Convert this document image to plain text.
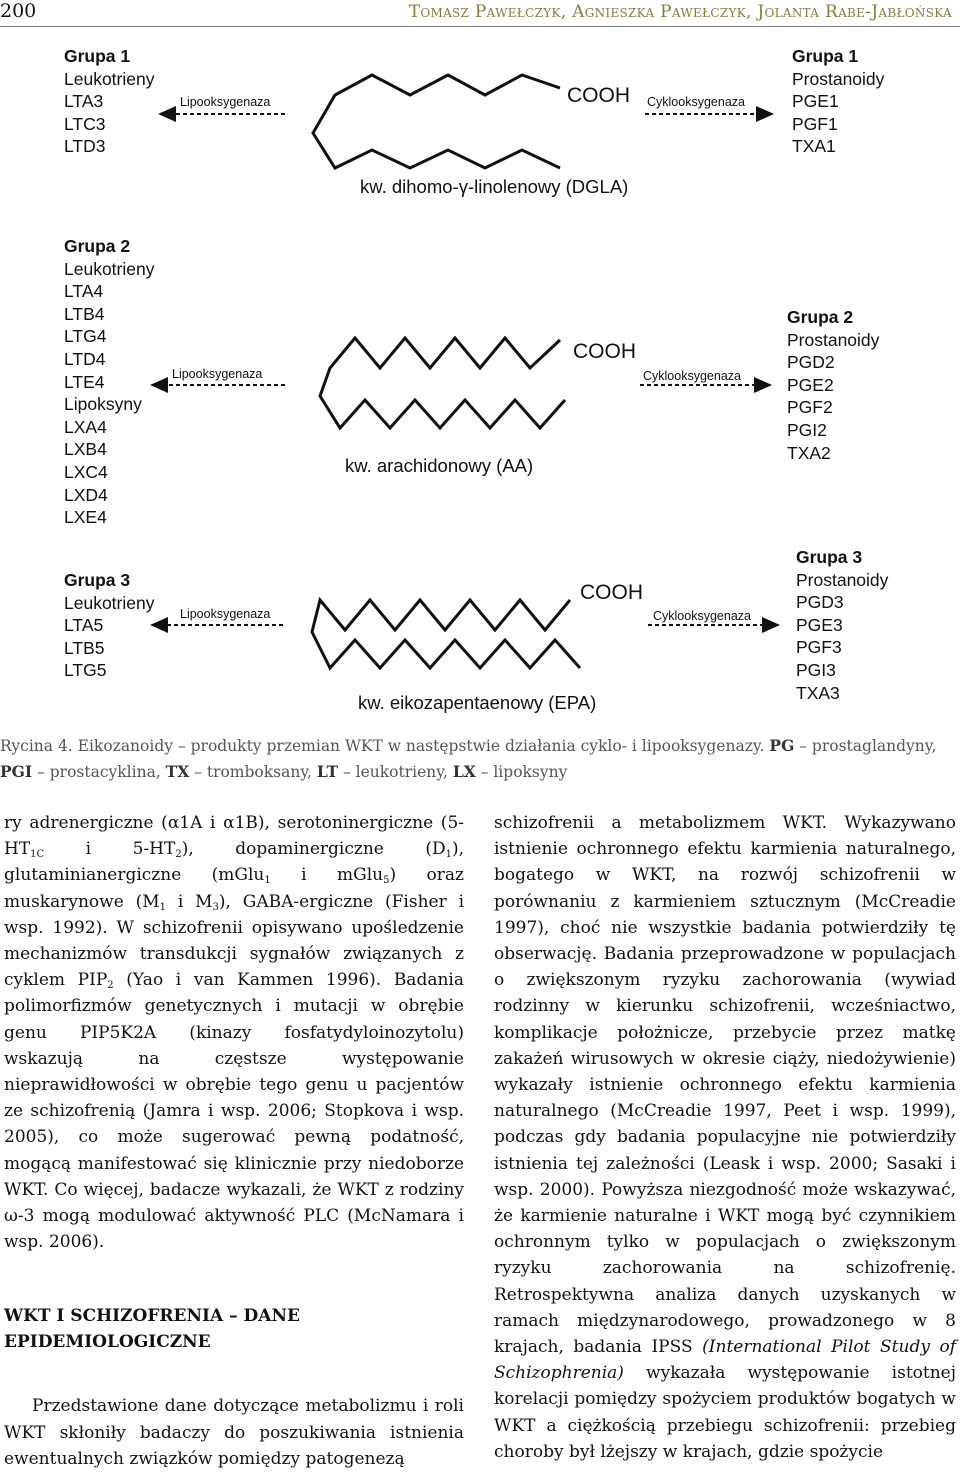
200	Tomasz Pawełczyk, Agnieszka Pawełczyk, Jolanta Rabe-Jabłońska
Grupa 1
Leukotrieny
LTA3
LTC3
LTD3
Grupa 1
Prostanoidy
PGE1
PGF1
TXA1
Lipooksygenaza	Cyklooksygenaza
COOH
kw. dihomo-γ-linolenowy (DGLA)
Grupa 2
Leukotrieny
LTA4
LTB4
LTG4
LTD4
LTE4
Lipoksyny
LXA4
LXB4
LXC4
LXD4
LXE4
Grupa 2
Prostanoidy
PGD2
PGE2
PGF2
PGI2
TXA2
Lipooksygenaza	Cyklooksygenaza
COOH
kw. arachidonowy (AA)
Grupa 3
Leukotrieny
LTA5
LTB5
LTG5
Grupa 3
Prostanoidy
PGD3
PGE3
PGF3
PGI3
TXA3
Lipooksygenaza	Cyklooksygenaza
COOH
kw. eikozapentaenowy (EPA)
Rycina 4. Eikozanoidy – produkty przemian WKT w następstwie działania cyklo- i lipooksygenazy. PG – prostaglandyny, PGI – prostacyklina, TX – tromboksany, LT – leukotrieny, LX – lipoksyny

ry adrenergiczne (α1A i α1B), serotoninergiczne ($5-HT_{1C}$ i $5-HT_2$), dopaminergiczne $(D_1)$, glutaminianergiczne (mGlu$_1$ i mGlu$_5$) oraz muskarynowe ($M_1$ i $M_3$), GABA-ergiczne (Fisher i wsp. 1992). W schizofrenii opisywano upośledzenie mechanizmów transdukcji sygnałów związanych z cyklem $PIP_2$ (Yao i van Kammen 1996). Badania polimorfizmów genetycznych i mutacji w obrębie genu PIP5K2A (kinazy fosfatydyloinozytolu) wskazują na częstsze występowanie nieprawidłowości w obrębie tego genu u pacjentów ze schizofrenią (Jamra i wsp. 2006; Stopkova i wsp. 2005), co może sugerować pewną podatność, mogącą manifestować się klinicznie przy niedoborze WKT. Co więcej, badacze wykazali, że WKT z rodziny ω-3 mogą modulować aktywność PLC (McNamara i wsp. 2006).

WKT I SCHIZOFRENIA – DANE EPIDEMIOLOGICZNE

Przedstawione dane dotyczące metabolizmu i roli WKT skłoniły badaczy do poszukiwania istnienia ewentualnych związków pomiędzy patogenezą

schizofrenii a metabolizmem WKT. Wykazywano istnienie ochronnego efektu karmienia naturalnego, bogatego w WKT, na rozwój schizofrenii w porównaniu z karmieniem sztucznym (McCreadie 1997), choć nie wszystkie badania potwierdziły tę obserwację. Badania przeprowadzone w populacjach o zwiększonym ryzyku zachorowania (wywiad rodzinny w kierunku schizofrenii, wcześniactwo, komplikacje położnicze, przebycie przez matkę zakażeń wirusowych w okresie ciąży, niedożywienie) wykazały istnienie ochronnego efektu karmienia naturalnego (McCreadie 1997, Peet i wsp. 1999), podczas gdy badania populacyjne nie potwierdziły istnienia tej zależności (Leask i wsp. 2000; Sasaki i wsp. 2000). Powyższa niezgodność może wskazywać, że karmienie naturalne i WKT mogą być czynnikiem ochronnym tylko w populacjach o zwiększonym ryzyku zachorowania na schizofrenię. Retrospektywna analiza danych uzyskanych w ramach międzynarodowego, prowadzonego w 8 krajach, badania IPSS (International Pilot Study of Schizophrenia) wykazała występowanie istotnej korelacji pomiędzy spożyciem produktów bogatych w WKT a ciężkością przebiegu schizofrenii: przebieg choroby był lżejszy w krajach, gdzie spożycie
